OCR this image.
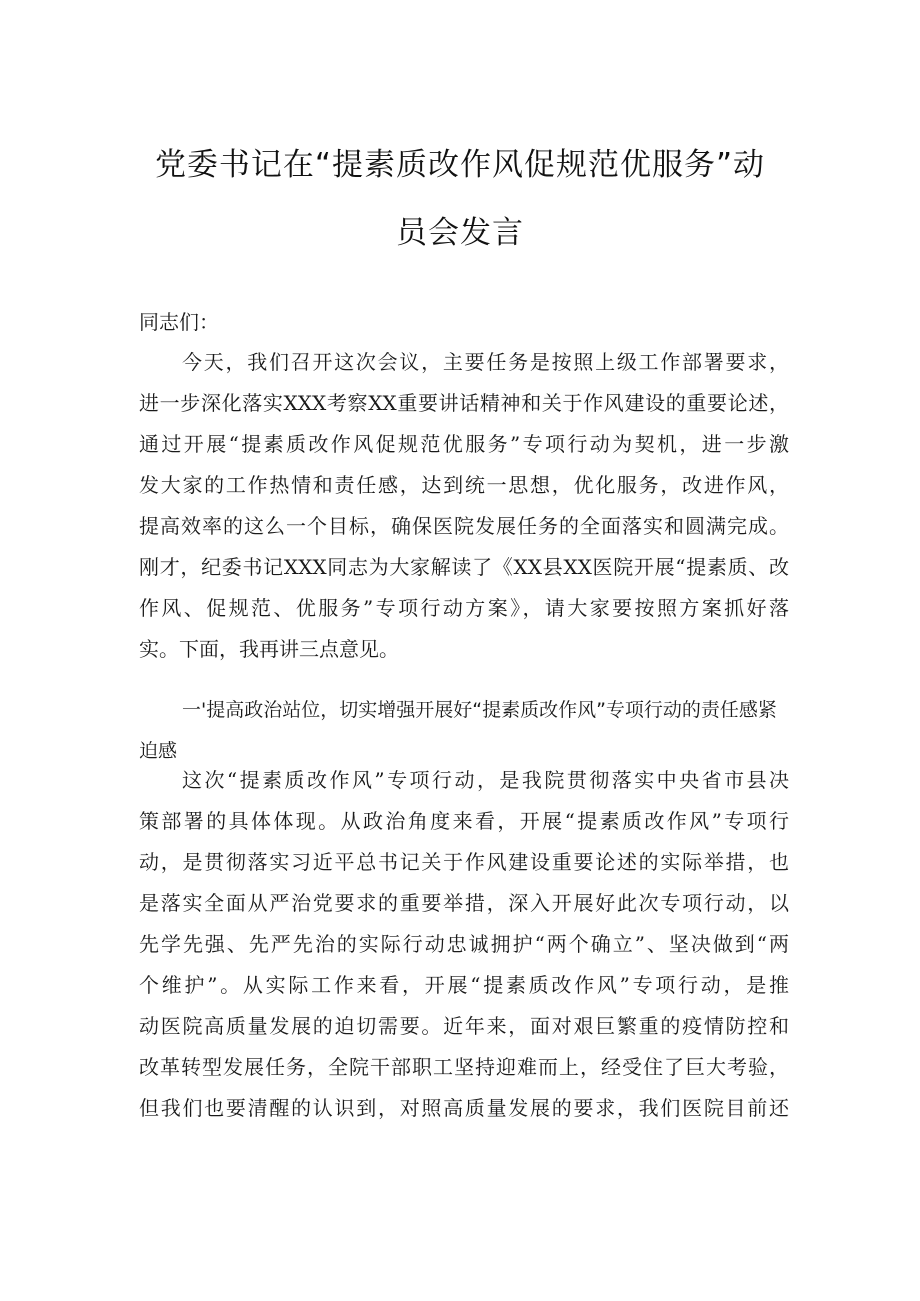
党委书记在“提素质改作风促规范优服务”动
员会发言
同志们：
今天，我们召开这次会议，主要任务是按照上级工作部署要求，
进一步深化落实XXX考察XX重要讲话精神和关于作风建设的重要论述，
通过开展“提素质改作风促规范优服务”专项行动为契机，进一步激
发大家的工作热情和责任感，达到统一思想，优化服务，改进作风，
提高效率的这么一个目标，确保医院发展任务的全面落实和圆满完成。
刚才，纪委书记XXX同志为大家解读了《XX县XX医院开展“提素质、改
作风、促规范、优服务”专项行动方案》，请大家要按照方案抓好落
实。下面，我再讲三点意见。
一'提高政治站位，切实增强开展好“提素质改作风”专项行动的责任感紧
迫感
这次“提素质改作风”专项行动，是我院贯彻落实中央省市县决
策部署的具体体现。从政治角度来看，开展“提素质改作风”专项行
动，是贯彻落实习近平总书记关于作风建设重要论述的实际举措，也
是落实全面从严治党要求的重要举措，深入开展好此次专项行动，以
先学先强、先严先治的实际行动忠诚拥护“两个确立”、坚决做到“两
个维护”。从实际工作来看，开展“提素质改作风”专项行动，是推
动医院高质量发展的迫切需要。近年来，面对艰巨繁重的疫情防控和
改革转型发展任务，全院干部职工坚持迎难而上，经受住了巨大考验，
但我们也要清醒的认识到，对照高质量发展的要求，我们医院目前还
